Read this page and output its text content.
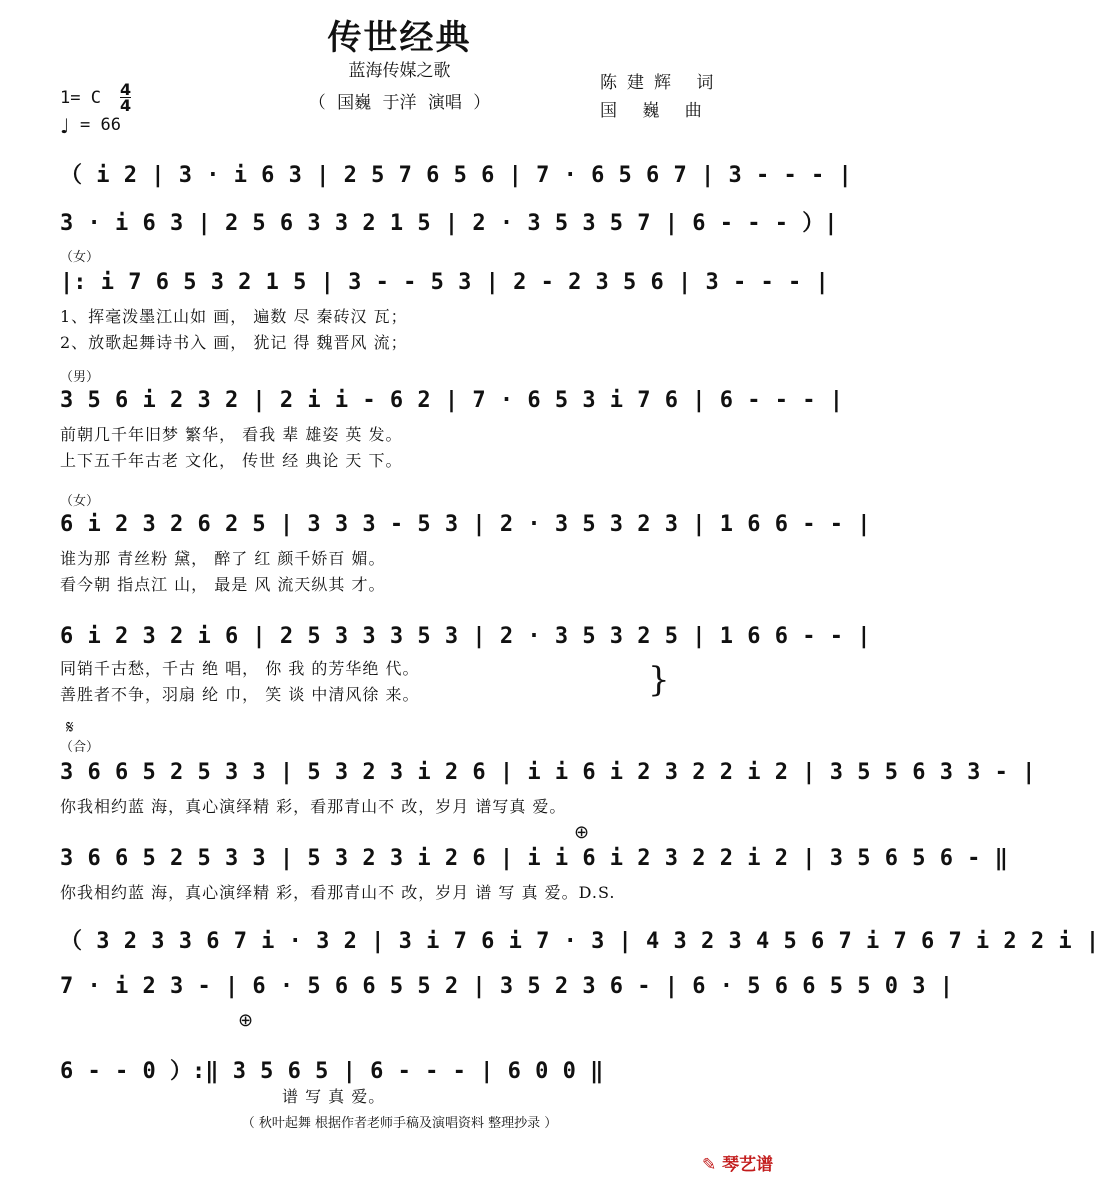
传世经典
蓝海传媒之歌
（ 国巍 于洋 演唱 ）
陈建辉 词
国 巍 曲
1= C 4
4
♩ = 66
（ i 2 | 3 · i 6 3 | 2 5 7 6 5 6 | 7 · 6 5 6 7 | 3 - - - |
3 · i 6 3 | 2 5 6 3 3 2 1 5 | 2 · 3 5 3 5 7 | 6 - - - ）|
（女）
|: i 7 6 5 3 2 1 5 | 3 - - 5 3 | 2 - 2 3 5 6 | 3 - - - |
1、挥毫泼墨江山如 画， 遍数 尽 秦砖汉 瓦；
2、放歌起舞诗书入 画， 犹记 得 魏晋风 流；
（男）
3 5 6 i 2 3 2 | 2 i i - 6 2 | 7 · 6 5 3 i 7 6 | 6 - - - |
前朝几千年旧梦 繁华， 看我 辈 雄姿 英 发。
上下五千年古老 文化， 传世 经 典论 天 下。
（女）
6 i 2 3 2 6 2 5 | 3 3 3 - 5 3 | 2 · 3 5 3 2 3 | 1 6 6 - - |
谁为那 青丝粉 黛， 醉了 红 颜千娇百 媚。
看今朝 指点江 山， 最是 风 流天纵其 才。
6 i 2 3 2 i 6 | 2 5 3 3 3 5 3 | 2 · 3 5 3 2 5 | 1 6 6 - - |
同销千古愁，千古 绝 唱， 你 我 的芳华绝 代。
善胜者不争，羽扇 纶 巾， 笑 谈 中清风徐 来。	}
𝄋
（合）
3 6 6 5 2 5 3 3 | 5 3 2 3 i 2 6 | i i 6 i 2 3 2 2 i 2 | 3 5 5 6 3 3 - |
你我相约蓝 海，真心演绎精 彩，看那青山不 改，岁月 谱写真 爱。
⊕
3 6 6 5 2 5 3 3 | 5 3 2 3 i 2 6 | i i 6 i 2 3 2 2 i 2 | 3 5 6 5 6 - ‖
你我相约蓝 海，真心演绎精 彩，看那青山不 改，岁月 谱 写 真 爱。D.S.
（ 3 2 3 3 6 7 i · 3 2 | 3 i 7 6 i 7 · 3 | 4 3 2 3 4 5 6 7 i 7 6 7 i 2 2 i |
7 · i 2 3 - | 6 · 5 6 6 5 5 2 | 3 5 2 3 6 - | 6 · 5 6 6 5 5 0 3 |
⊕
6 - - 0 ）:‖ 3 5 6 5 | 6 - - - | 6 0 0 ‖
谱 写 真 爱。
（ 秋叶起舞 根据作者老师手稿及演唱资料 整理抄录 ）
✎ 琴艺谱
